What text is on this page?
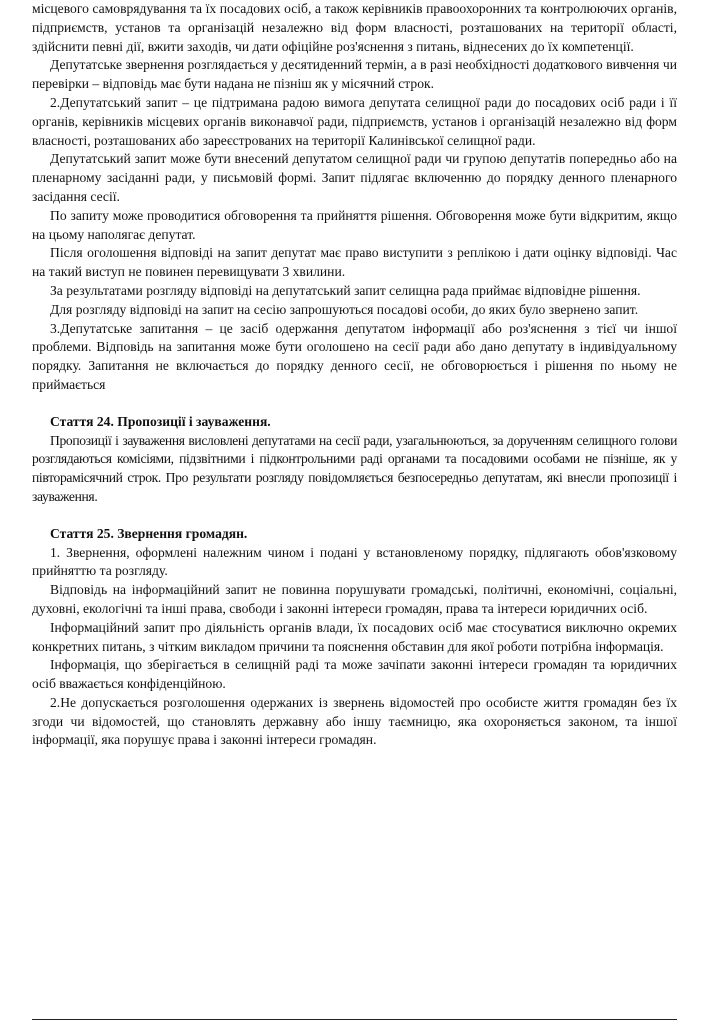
місцевого самоврядування та їх посадових осіб, а також керівників правоохоронних та контролюючих органів, підприємств, установ та організацій незалежно від форм власності, розташованих на території області, здійснити певні дії, вжити заходів, чи дати офіційне роз'яснення з питань, віднесених до їх компетенції.

Депутатське звернення розглядається у десятиденний термін, а в разі необхідності додаткового вивчення чи перевірки – відповідь має бути надана не пізніш як у місячний строк.

2.Депутатський запит – це підтримана радою вимога депутата селищної ради до посадових осіб ради і її органів, керівників місцевих органів виконавчої ради, підприємств, установ і організацій незалежно від форм власності, розташованих або зареєстрованих на території Калинівської селищної ради.

Депутатський запит може бути внесений депутатом селищної ради чи групою депутатів попередньо або на пленарному засіданні ради, у письмовій формі. Запит підлягає включенню до порядку денного пленарного засідання сесії.

По запиту може проводитися обговорення та прийняття рішення. Обговорення може бути відкритим, якщо на цьому наполягає депутат.

Після оголошення відповіді на запит депутат має право виступити з реплікою і дати оцінку відповіді. Час на такий виступ не повинен перевищувати 3 хвилини.

За результатами розгляду відповіді на депутатський запит селищна рада приймає відповідне рішення.

Для розгляду відповіді на запит на сесію запрошуються посадові особи, до яких було звернено запит.

3.Депутатське запитання – це засіб одержання депутатом інформації або роз'яснення з тієї чи іншої проблеми. Відповідь на запитання може бути оголошено на сесії ради або дано депутату в індивідуальному порядку. Запитання не включається до порядку денного сесії, не обговорюється і рішення по ньому не приймається

Стаття 24. Пропозиції і зауваження.

Пропозиції і зауваження висловлені депутатами на сесії ради, узагальнюються, за дорученням селищного голови розглядаються комісіями, підзвітними і підконтрольними раді органами та посадовими особами не пізніше, як у півторамісячний строк. Про результати розгляду повідомляється безпосередньо депутатам, які внесли пропозиції і зауваження.

Стаття 25. Звернення громадян.

1. Звернення, оформлені належним чином і подані у встановленому порядку, підлягають обов'язковому прийняттю та розгляду.

Відповідь на інформаційний запит не повинна порушувати громадські, політичні, економічні, соціальні, духовні, екологічні та інші права, свободи і законні інтереси громадян, права та інтереси юридичних осіб.

Інформаційний запит про діяльність органів влади, їх посадових осіб має стосуватися виключно окремих конкретних питань, з чітким викладом причини та пояснення обставин для якої роботи потрібна інформація.

Інформація, що зберігається в селищній раді та може зачіпати законні інтереси громадян та юридичних осіб вважається конфіденційною.

2.Не допускається розголошення одержаних із звернень відомостей про особисте життя громадян без їх згоди чи відомостей, що становлять державну або іншу таємницю, яка охороняється законом, та іншої інформації, яка порушує права і законні інтереси громадян.
